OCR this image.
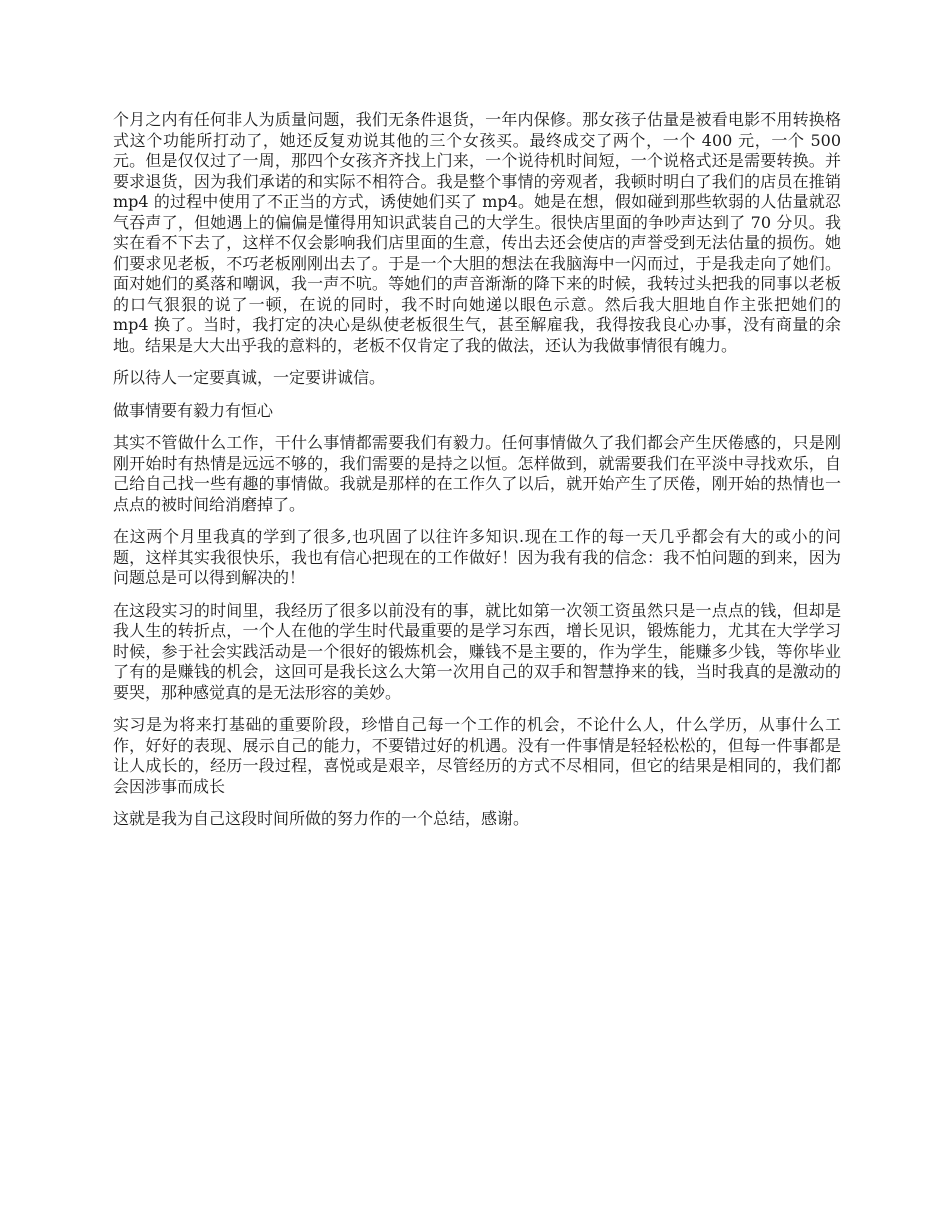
个月之内有任何非人为质量问题，我们无条件退货，一年内保修。那女孩子估量是被看电影不用转换格式这个功能所打动了，她还反复劝说其他的三个女孩买。最终成交了两个，一个 400 元，一个 500 元。但是仅仅过了一周，那四个女孩齐齐找上门来，一个说待机时间短，一个说格式还是需要转换。并要求退货，因为我们承诺的和实际不相符合。我是整个事情的旁观者，我顿时明白了我们的店员在推销 mp4 的过程中使用了不正当的方式，诱使她们买了 mp4。她是在想，假如碰到那些软弱的人估量就忍气吞声了，但她遇上的偏偏是懂得用知识武装自己的大学生。很快店里面的争吵声达到了 70 分贝。我实在看不下去了，这样不仅会影响我们店里面的生意，传出去还会使店的声誉受到无法估量的损伤。她们要求见老板，不巧老板刚刚出去了。于是一个大胆的想法在我脑海中一闪而过，于是我走向了她们。面对她们的奚落和嘲讽，我一声不吭。等她们的声音渐渐的降下来的时候，我转过头把我的同事以老板的口气狠狠的说了一顿，在说的同时，我不时向她递以眼色示意。然后我大胆地自作主张把她们的 mp4 换了。当时，我打定的决心是纵使老板很生气，甚至解雇我，我得按我良心办事，没有商量的余地。结果是大大出乎我的意料的，老板不仅肯定了我的做法，还认为我做事情很有魄力。

所以待人一定要真诚，一定要讲诚信。

做事情要有毅力有恒心

其实不管做什么工作，干什么事情都需要我们有毅力。任何事情做久了我们都会产生厌倦感的，只是刚刚开始时有热情是远远不够的，我们需要的是持之以恒。怎样做到，就需要我们在平淡中寻找欢乐，自己给自己找一些有趣的事情做。我就是那样的在工作久了以后，就开始产生了厌倦，刚开始的热情也一点点的被时间给消磨掉了。

在这两个月里我真的学到了很多,也巩固了以往许多知识.现在工作的每一天几乎都会有大的或小的问题，这样其实我很快乐，我也有信心把现在的工作做好！因为我有我的信念：我不怕问题的到来，因为问题总是可以得到解决的！

在这段实习的时间里，我经历了很多以前没有的事，就比如第一次领工资虽然只是一点点的钱，但却是我人生的转折点，一个人在他的学生时代最重要的是学习东西，增长见识，锻炼能力，尤其在大学学习时候，参于社会实践活动是一个很好的锻炼机会，赚钱不是主要的，作为学生，能赚多少钱，等你毕业了有的是赚钱的机会，这回可是我长这么大第一次用自己的双手和智慧挣来的钱，当时我真的是激动的要哭，那种感觉真的是无法形容的美妙。

实习是为将来打基础的重要阶段，珍惜自己每一个工作的机会，不论什么人，什么学历，从事什么工作，好好的表现、展示自己的能力，不要错过好的机遇。没有一件事情是轻轻松松的，但每一件事都是让人成长的，经历一段过程，喜悦或是艰辛，尽管经历的方式不尽相同，但它的结果是相同的，我们都会因涉事而成长

这就是我为自己这段时间所做的努力作的一个总结，感谢。
